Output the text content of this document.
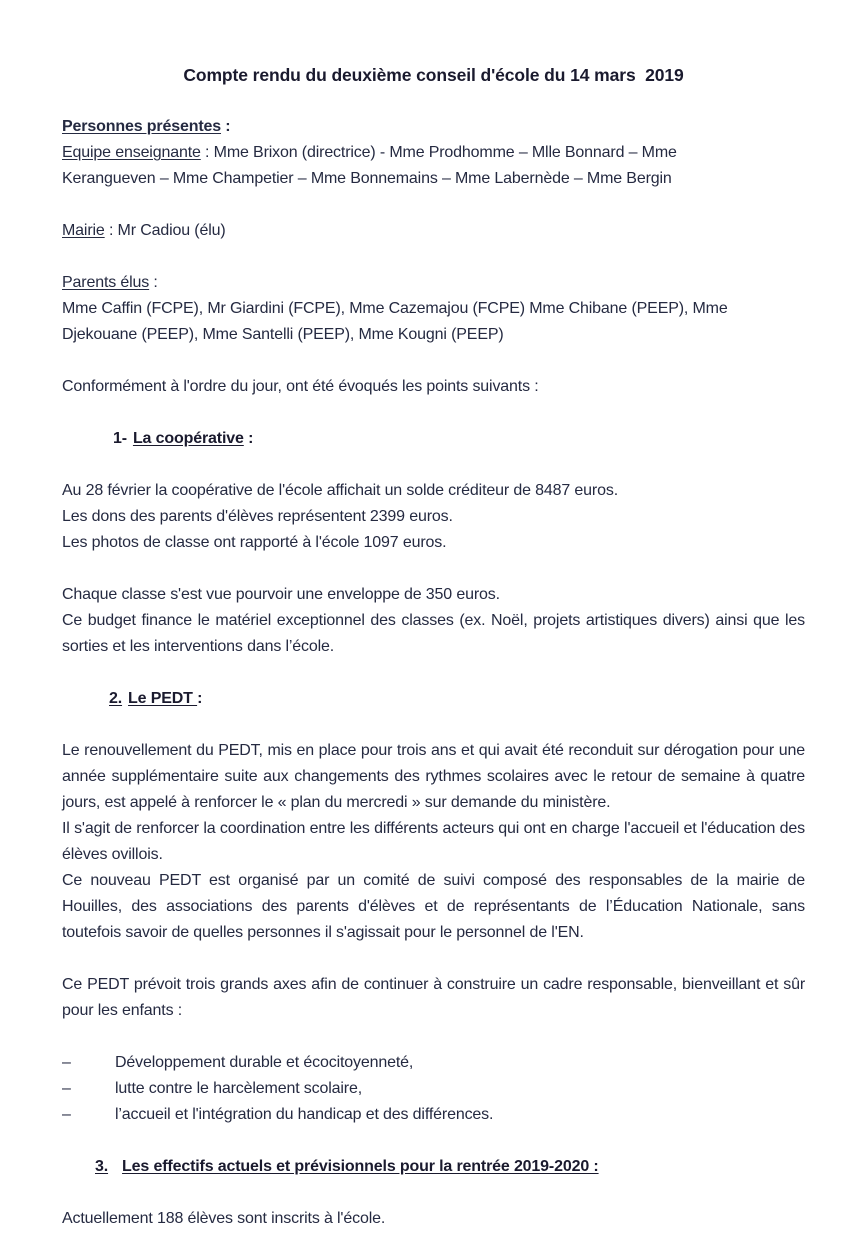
Compte rendu du deuxième conseil d'école du 14 mars  2019

Personnes présentes :

Equipe enseignante : Mme Brixon (directrice) - Mme Prodhomme – Mlle Bonnard – Mme

Kerangueven – Mme Champetier – Mme Bonnemains – Mme Labernède – Mme Bergin

Mairie : Mr Cadiou (élu)

Parents élus :

Mme Caffin (FCPE), Mr Giardini (FCPE), Mme Cazemajou (FCPE) Mme Chibane (PEEP), Mme

Djekouane (PEEP), Mme Santelli (PEEP), Mme Kougni (PEEP)

Conformément à l'ordre du jour, ont été évoqués les points suivants :

1- La coopérative :

Au 28 février la coopérative de l'école affichait un solde créditeur de 8487 euros.

Les dons des parents d'élèves représentent 2399 euros.

Les photos de classe ont rapporté à l'école 1097 euros.

Chaque classe s'est vue pourvoir une enveloppe de 350 euros.

Ce budget finance le matériel exceptionnel des classes (ex. Noël, projets artistiques divers) ainsi que les sorties et les interventions dans l’école.

2. Le PEDT :

Le renouvellement du PEDT, mis en place pour trois ans et qui avait été reconduit sur dérogation pour une année supplémentaire suite aux changements des rythmes scolaires avec le retour de semaine à quatre jours, est appelé à renforcer le « plan du mercredi » sur demande du ministère.

Il s'agit de renforcer la coordination entre les différents acteurs qui ont en charge l'accueil et l'éducation des élèves ovillois.

Ce nouveau PEDT est organisé par un comité de suivi composé des responsables de la mairie de Houilles, des associations des parents d'élèves et de représentants de l’Éducation Nationale, sans toutefois savoir de quelles personnes il s'agissait pour le personnel de l'EN.

Ce PEDT prévoit trois grands axes afin de continuer à construire un cadre responsable, bienveillant et sûr pour les enfants :

–	Développement durable et écocitoyenneté,
–	lutte contre le harcèlement scolaire,
–	l’accueil et l'intégration du handicap et des différences.

3. Les effectifs actuels et prévisionnels pour la rentrée 2019-2020 :

Actuellement 188 élèves sont inscrits à l'école.
